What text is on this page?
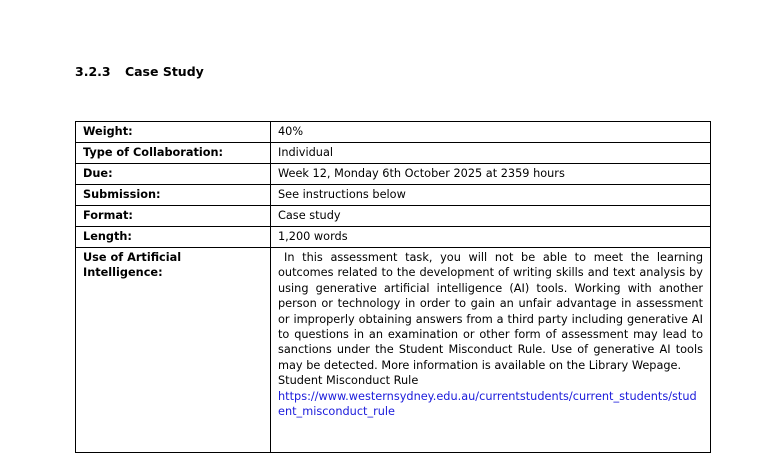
3.2.3 Case Study
Weight:	40%
Type of Collaboration:	Individual
Due:	Week 12, Monday 6th October 2025 at 2359 hours
Submission:	See instructions below
Format:	Case study
Length:	1,200 words
Use of Artificial Intelligence:	In this assessment task, you will not be able to meet the learning outcomes related to the development of writing skills and text analysis by using generative artificial intelligence (AI) tools. Working with another person or technology in order to gain an unfair advantage in assessment or improperly obtaining answers from a third party including generative AI to questions in an examination or other form of assessment may lead to sanctions under the Student Misconduct Rule. Use of generative AI tools may be detected. More information is available on the Library Wepage.
Student Misconduct Rule
https://www.westernsydney.edu.au/currentstudents/current_students/student_misconduct_rule
